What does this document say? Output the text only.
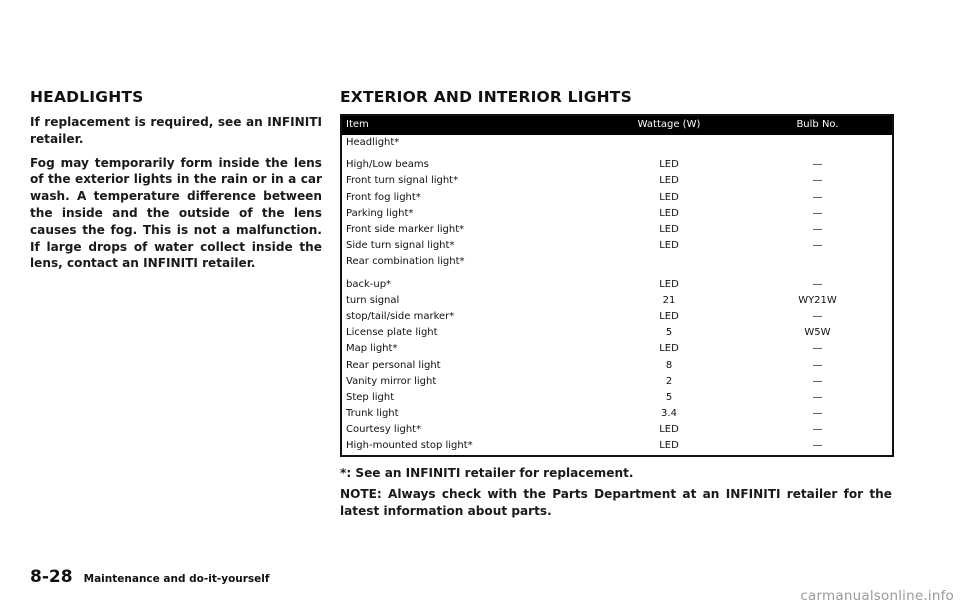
HEADLIGHTS

If replacement is required, see an INFINITI retailer.

Fog may temporarily form inside the lens of the exterior lights in the rain or in a car wash. A temperature difference between the inside and the outside of the lens causes the fog. This is not a malfunction. If large drops of water collect inside the lens, contact an INFINITI retailer.

EXTERIOR AND INTERIOR LIGHTS
Item	Wattage (W)	Bulb No.
Headlight*		

High/Low beams	LED	—
Front turn signal light*	LED	—
Front fog light*	LED	—
Parking light*	LED	—
Front side marker light*	LED	—
Side turn signal light*	LED	—
Rear combination light*		

back-up*	LED	—
turn signal	21	WY21W
stop/tail/side marker*	LED	—
License plate light	5	W5W
Map light*	LED	—
Rear personal light	8	—
Vanity mirror light	2	—
Step light	5	—
Trunk light	3.4	—
Courtesy light*	LED	—
High-mounted stop light*	LED	—

*: See an INFINITI retailer for replacement.

NOTE: Always check with the Parts Department at an INFINITI retailer for the latest information about parts.

8-28 Maintenance and do-it-yourself
carmanualsonline.info
